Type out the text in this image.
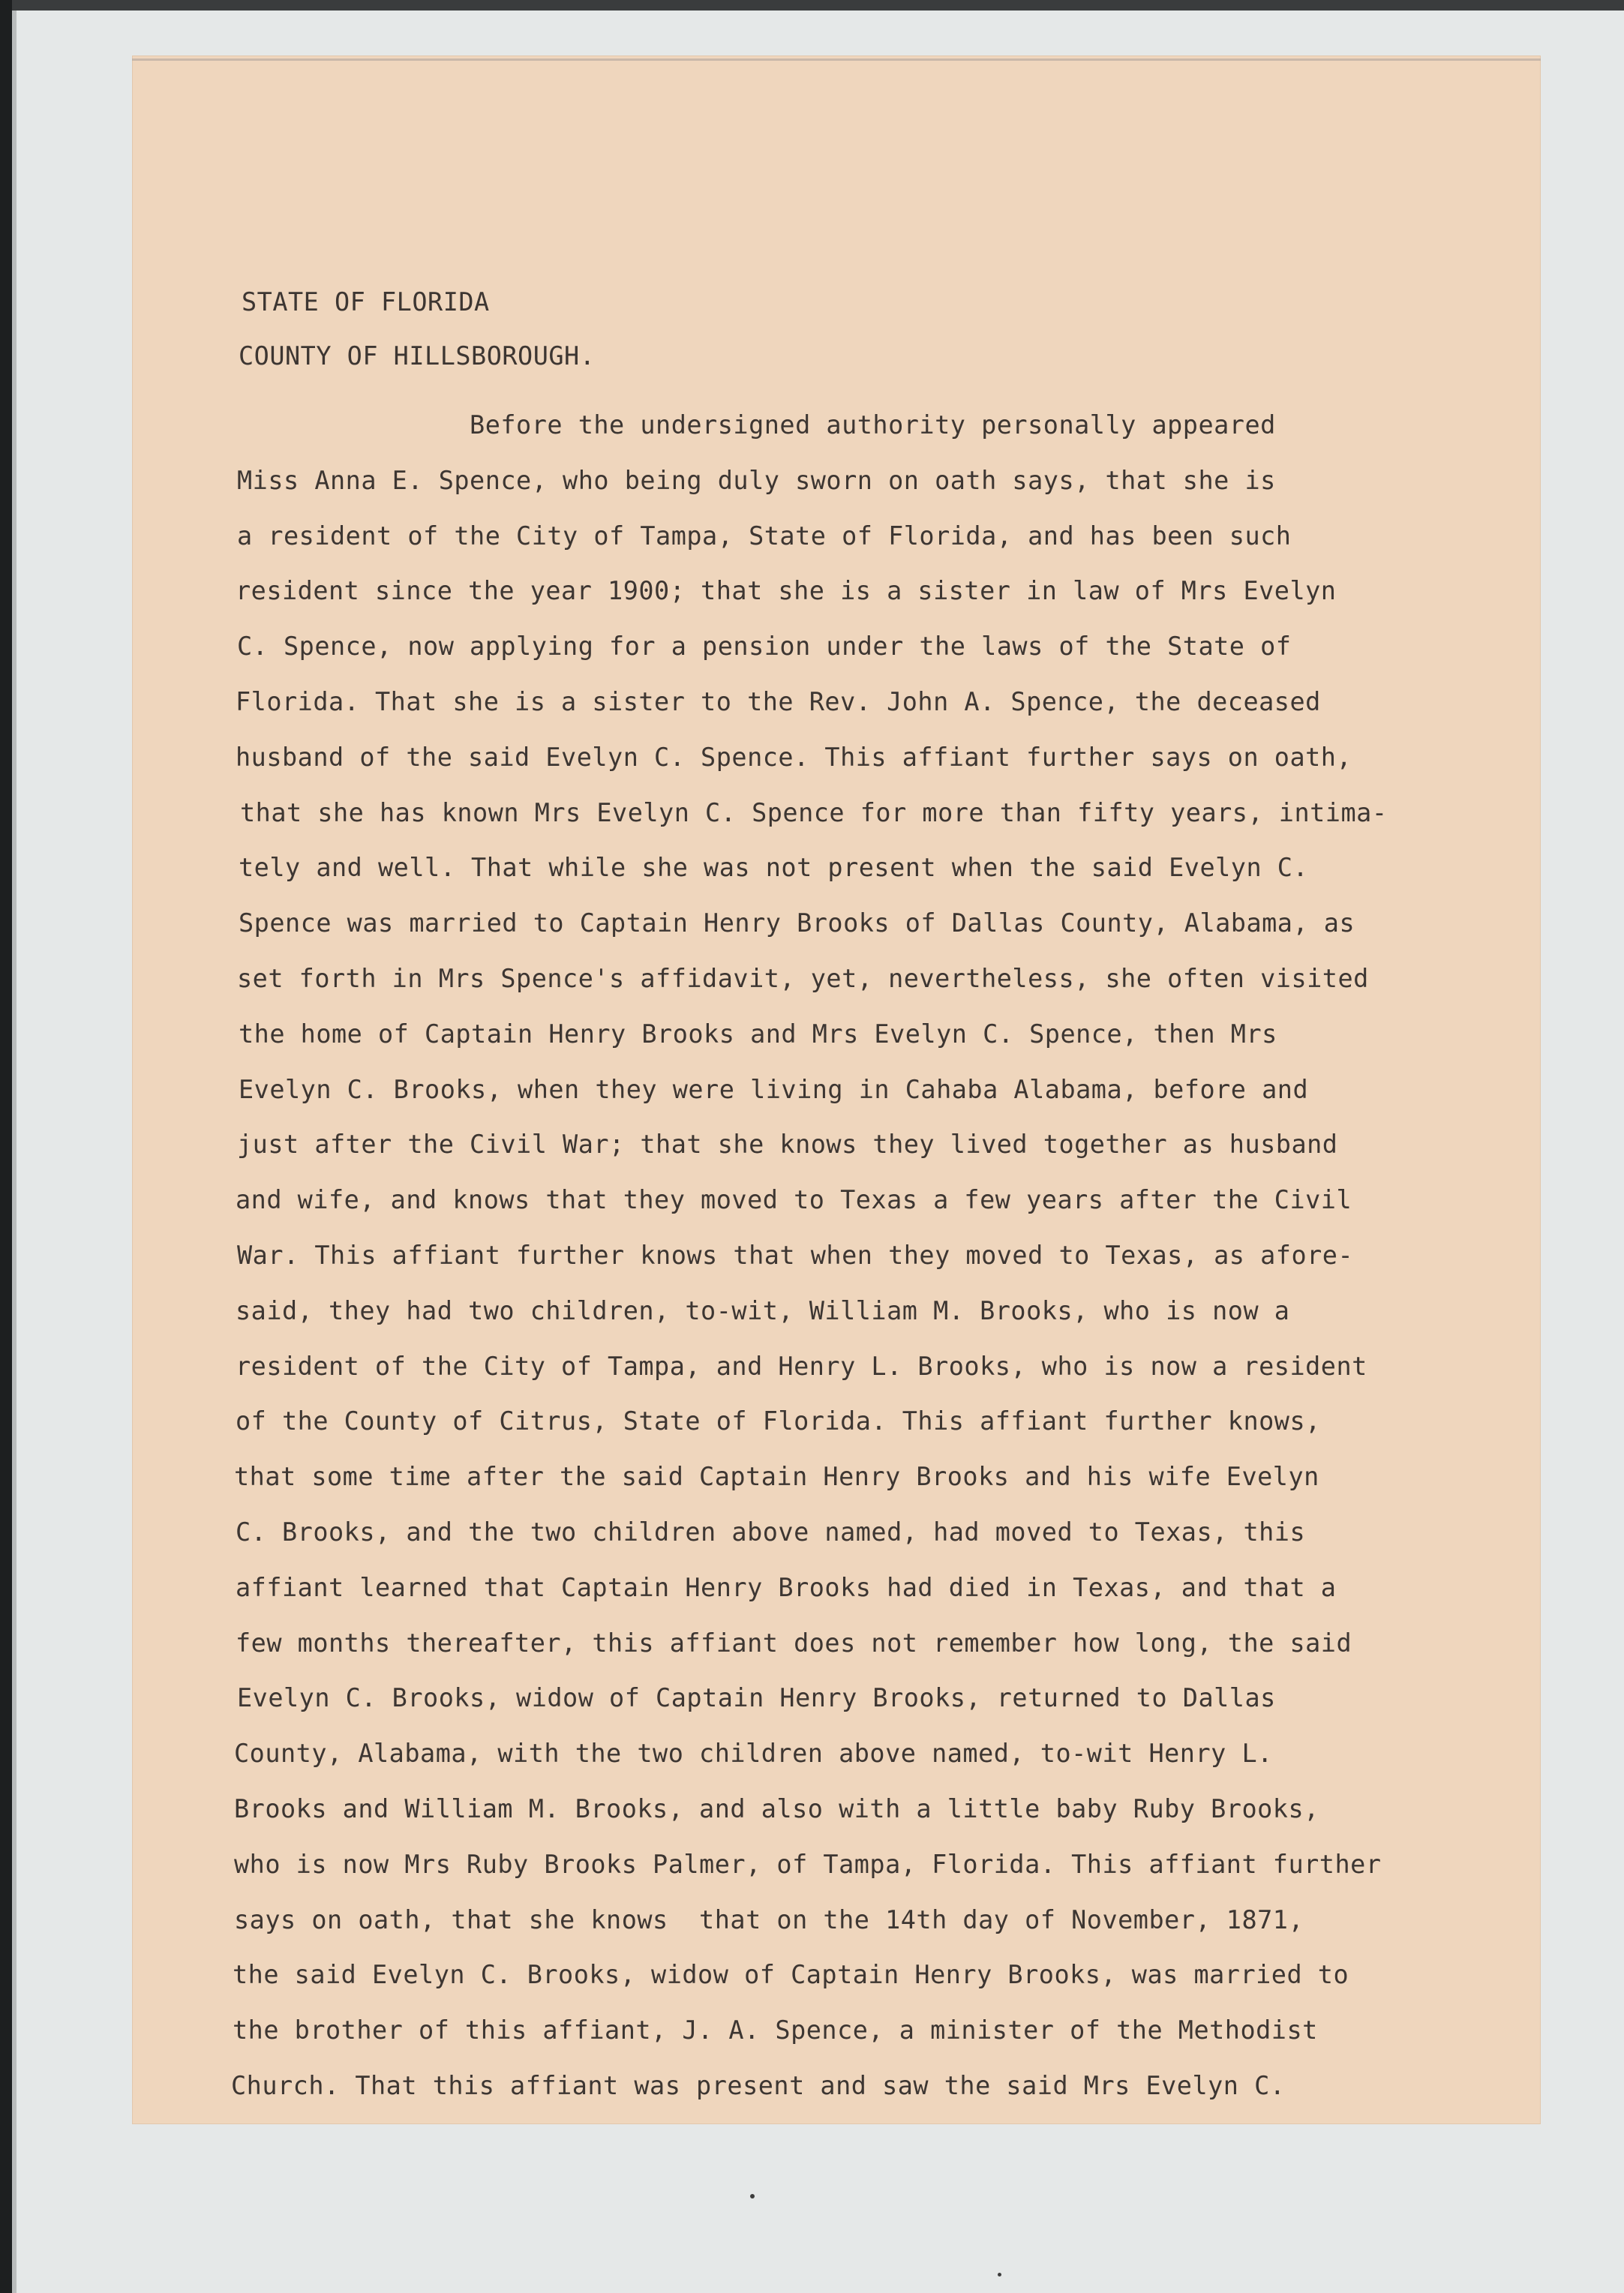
STATE OF FLORIDA

COUNTY OF HILLSBOROUGH.

Before the undersigned authority personally appeared
Miss Anna E. Spence, who being duly sworn on oath says, that she is
a resident of the City of Tampa, State of Florida, and has been such
resident since the year 1900; that she is a sister in law of Mrs Evelyn
C. Spence, now applying for a pension under the laws of the State of
Florida. That she is a sister to the Rev. John A. Spence, the deceased
husband of the said Evelyn C. Spence. This affiant further says on oath,
that she has known Mrs Evelyn C. Spence for more than fifty years, intima-
tely and well. That while she was not present when the said Evelyn C.
Spence was married to Captain Henry Brooks of Dallas County, Alabama, as
set forth in Mrs Spence's affidavit, yet, nevertheless, she often visited
the home of Captain Henry Brooks and Mrs Evelyn C. Spence, then Mrs
Evelyn C. Brooks, when they were living in Cahaba Alabama, before and
just after the Civil War; that she knows they lived together as husband
and wife, and knows that they moved to Texas a few years after the Civil
War. This affiant further knows that when they moved to Texas, as afore-
said, they had two children, to-wit, William M. Brooks, who is now a
resident of the City of Tampa, and Henry L. Brooks, who is now a resident
of the County of Citrus, State of Florida. This affiant further knows,
that some time after the said Captain Henry Brooks and his wife Evelyn
C. Brooks, and the two children above named, had moved to Texas, this
affiant learned that Captain Henry Brooks had died in Texas, and that a
few months thereafter, this affiant does not remember how long, the said
Evelyn C. Brooks, widow of Captain Henry Brooks, returned to Dallas
County, Alabama, with the two children above named, to-wit Henry L.
Brooks and William M. Brooks, and also with a little baby Ruby Brooks,
who is now Mrs Ruby Brooks Palmer, of Tampa, Florida. This affiant further
says on oath, that she knows  that on the 14th day of November, 1871,
the said Evelyn C. Brooks, widow of Captain Henry Brooks, was married to
the brother of this affiant, J. A. Spence, a minister of the Methodist
Church. That this affiant was present and saw the said Mrs Evelyn C.
